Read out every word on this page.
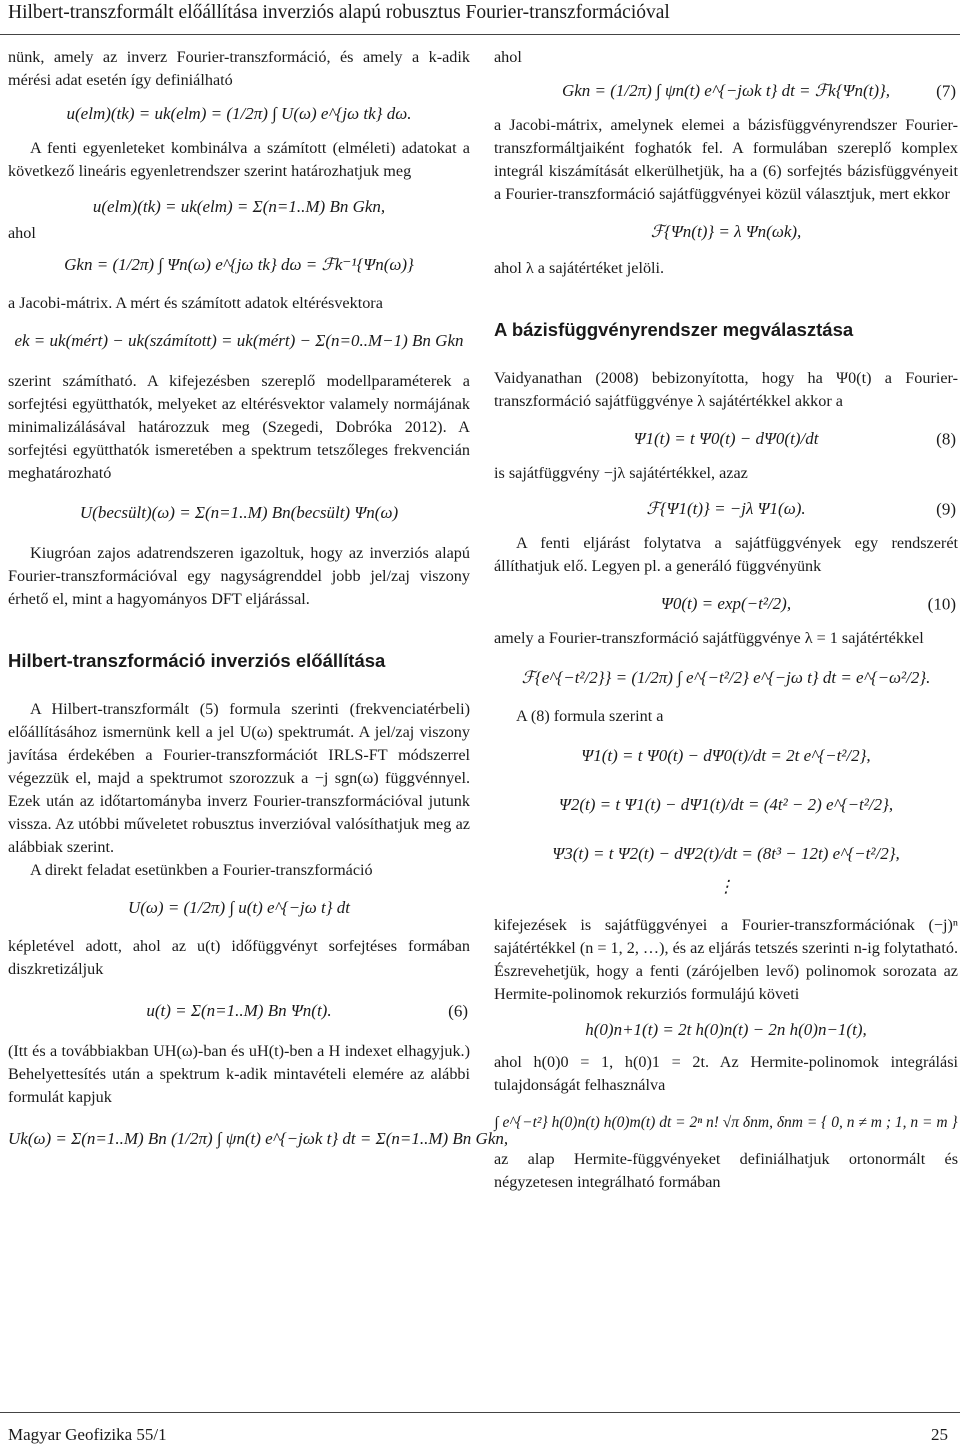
Hilbert-transzformált előállítása inverziós alapú robusztus Fourier-transzformációval

nünk, amely az inverz Fourier-transzformáció, és amely a k-adik mérési adat esetén így definiálható

u(elm)(tk) = uk(elm) = (1/2π) ∫ U(ω) e^{jω tk} dω.

A fenti egyenleteket kombinálva a számított (elméleti) adatokat a következő lineáris egyenletrendszer szerint határozhatjuk meg

u(elm)(tk) = uk(elm) = Σ(n=1..M) Bn Gkn,

ahol

Gkn = (1/2π) ∫ Ψn(ω) e^{jω tk} dω = ℱk⁻¹{Ψn(ω)}

a Jacobi-mátrix. A mért és számított adatok eltérésvektora

ek = uk(mért) − uk(számított) = uk(mért) − Σ(n=0..M−1) Bn Gkn

szerint számítható. A kifejezésben szereplő modellparaméterek a sorfejtési együtthatók, melyeket az eltérésvektor valamely normájának minimalizálásával határozzuk meg (Szegedi, Dobróka 2012). A sorfejtési együtthatók ismeretében a spektrum tetszőleges frekvencián meghatározható

U(becsült)(ω) = Σ(n=1..M) Bn(becsült) Ψn(ω)

Kiugróan zajos adatrendszeren igazoltuk, hogy az inverziós alapú Fourier-transzformációval egy nagyságrenddel jobb jel/zaj viszony érhető el, mint a hagyományos DFT eljárással.

Hilbert-transzformáció inverziós előállítása

A Hilbert-transzformált (5) formula szerinti (frekvenciatérbeli) előállításához ismernünk kell a jel U(ω) spektrumát. A jel/zaj viszony javítása érdekében a Fourier-transzformációt IRLS-FT módszerrel végezzük el, majd a spektrumot szorozzuk a −j sgn(ω) függvénnyel. Ezek után az időtartományba inverz Fourier-transzformációval jutunk vissza. Az utóbbi műveletet robusztus inverzióval valósíthatjuk meg az alábbiak szerint.

A direkt feladat esetünkben a Fourier-transzformáció

U(ω) = (1/2π) ∫ u(t) e^{−jω t} dt

képletével adott, ahol az u(t) időfüggvényt sorfejtéses formában diszkretizáljuk

u(t) = Σ(n=1..M) Bn Ψn(t).	(6)

(Itt és a továbbiakban UH(ω)-ban és uH(t)-ben a H indexet elhagyjuk.) Behelyettesítés után a spektrum k-adik mintavételi elemére az alábbi formulát kapjuk

Uk(ω) = Σ(n=1..M) Bn (1/2π) ∫ ψn(t) e^{−jωk t} dt = Σ(n=1..M) Bn Gkn,

ahol

Gkn = (1/2π) ∫ ψn(t) e^{−jωk t} dt = ℱk{Ψn(t)},	(7)

a Jacobi-mátrix, amelynek elemei a bázisfüggvényrendszer Fourier-transzformáltjaiként foghatók fel. A formulában szereplő komplex integrál kiszámítását elkerülhetjük, ha a (6) sorfejtés bázisfüggvényeit a Fourier-transzformáció sajátfüggvényei közül választjuk, mert ekkor

ℱ{Ψn(t)} = λ Ψn(ωk),

ahol λ a sajátértéket jelöli.

A bázisfüggvényrendszer megválasztása

Vaidyanathan (2008) bebizonyította, hogy ha Ψ0(t) a Fourier-transzformáció sajátfüggvénye λ sajátértékkel akkor a

Ψ1(t) = t Ψ0(t) − dΨ0(t)/dt	(8)

is sajátfüggvény −jλ sajátértékkel, azaz

ℱ{Ψ1(t)} = −jλ Ψ1(ω).	(9)

A fenti eljárást folytatva a sajátfüggvények egy rendszerét állíthatjuk elő. Legyen pl. a generáló függvényünk

Ψ0(t) = exp(−t²/2),	(10)

amely a Fourier-transzformáció sajátfüggvénye λ = 1 sajátértékkel

ℱ{e^{−t²/2}} = (1/2π) ∫ e^{−t²/2} e^{−jω t} dt = e^{−ω²/2}.

A (8) formula szerint a

Ψ1(t) = t Ψ0(t) − dΨ0(t)/dt = 2t e^{−t²/2},
Ψ2(t) = t Ψ1(t) − dΨ1(t)/dt = (4t² − 2) e^{−t²/2},
Ψ3(t) = t Ψ2(t) − dΨ2(t)/dt = (8t³ − 12t) e^{−t²/2},
⋮

kifejezések is sajátfüggvényei a Fourier-transzformációnak (−j)ⁿ sajátértékkel (n = 1, 2, …), és az eljárás tetszés szerinti n-ig folytatható. Észrevehetjük, hogy a fenti (zárójelben levő) polinomok sorozata az Hermite-polinomok rekurziós formulájú követi

h(0)n+1(t) = 2t h(0)n(t) − 2n h(0)n−1(t),

ahol h(0)0 = 1, h(0)1 = 2t. Az Hermite-polinomok integrálási tulajdonságát felhasználva

∫ e^{−t²} h(0)n(t) h(0)m(t) dt = 2ⁿ n! √π δnm, δnm = { 0, n ≠ m ; 1, n = m }

az alap Hermite-függvényeket definiálhatjuk ortonormált és négyzetesen integrálható formában

Magyar Geofizika 55/1	25
